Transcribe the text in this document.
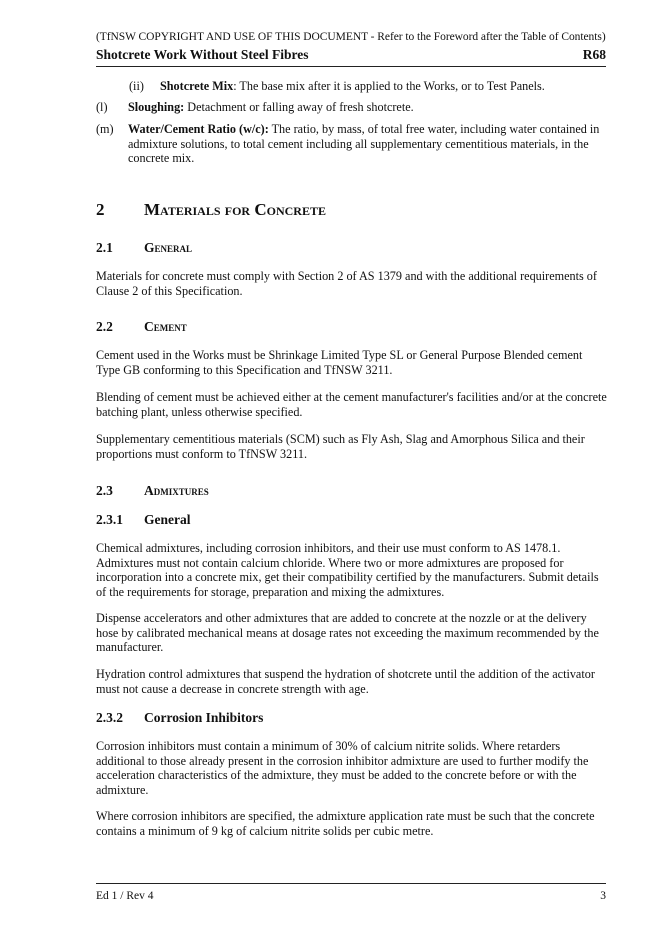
(TfNSW COPYRIGHT AND USE OF THIS DOCUMENT - Refer to the Foreword after the Table of Contents)
Shotcrete Work Without Steel Fibres	R68
(ii) Shotcrete Mix: The base mix after it is applied to the Works, or to Test Panels.
(l) Sloughing: Detachment or falling away of fresh shotcrete.
(m) Water/Cement Ratio (w/c): The ratio, by mass, of total free water, including water contained in admixture solutions, to total cement including all supplementary cementitious materials, in the concrete mix.
2 Materials for Concrete
2.1 General
Materials for concrete must comply with Section 2 of AS 1379 and with the additional requirements of Clause 2 of this Specification.
2.2 Cement
Cement used in the Works must be Shrinkage Limited Type SL or General Purpose Blended cement Type GB conforming to this Specification and TfNSW 3211.
Blending of cement must be achieved either at the cement manufacturer's facilities and/or at the concrete batching plant, unless otherwise specified.
Supplementary cementitious materials (SCM) such as Fly Ash, Slag and Amorphous Silica and their proportions must conform to TfNSW 3211.
2.3 Admixtures
2.3.1 General
Chemical admixtures, including corrosion inhibitors, and their use must conform to AS 1478.1. Admixtures must not contain calcium chloride. Where two or more admixtures are proposed for incorporation into a concrete mix, get their compatibility certified by the manufacturers. Submit details of the requirements for storage, preparation and mixing the admixtures.
Dispense accelerators and other admixtures that are added to concrete at the nozzle or at the delivery hose by calibrated mechanical means at dosage rates not exceeding the maximum recommended by the manufacturer.
Hydration control admixtures that suspend the hydration of shotcrete until the addition of the activator must not cause a decrease in concrete strength with age.
2.3.2 Corrosion Inhibitors
Corrosion inhibitors must contain a minimum of 30% of calcium nitrite solids. Where retarders additional to those already present in the corrosion inhibitor admixture are used to further modify the acceleration characteristics of the admixture, they must be added to the concrete before or with the admixture.
Where corrosion inhibitors are specified, the admixture application rate must be such that the concrete contains a minimum of 9 kg of calcium nitrite solids per cubic metre.
Ed 1 / Rev 4	3
